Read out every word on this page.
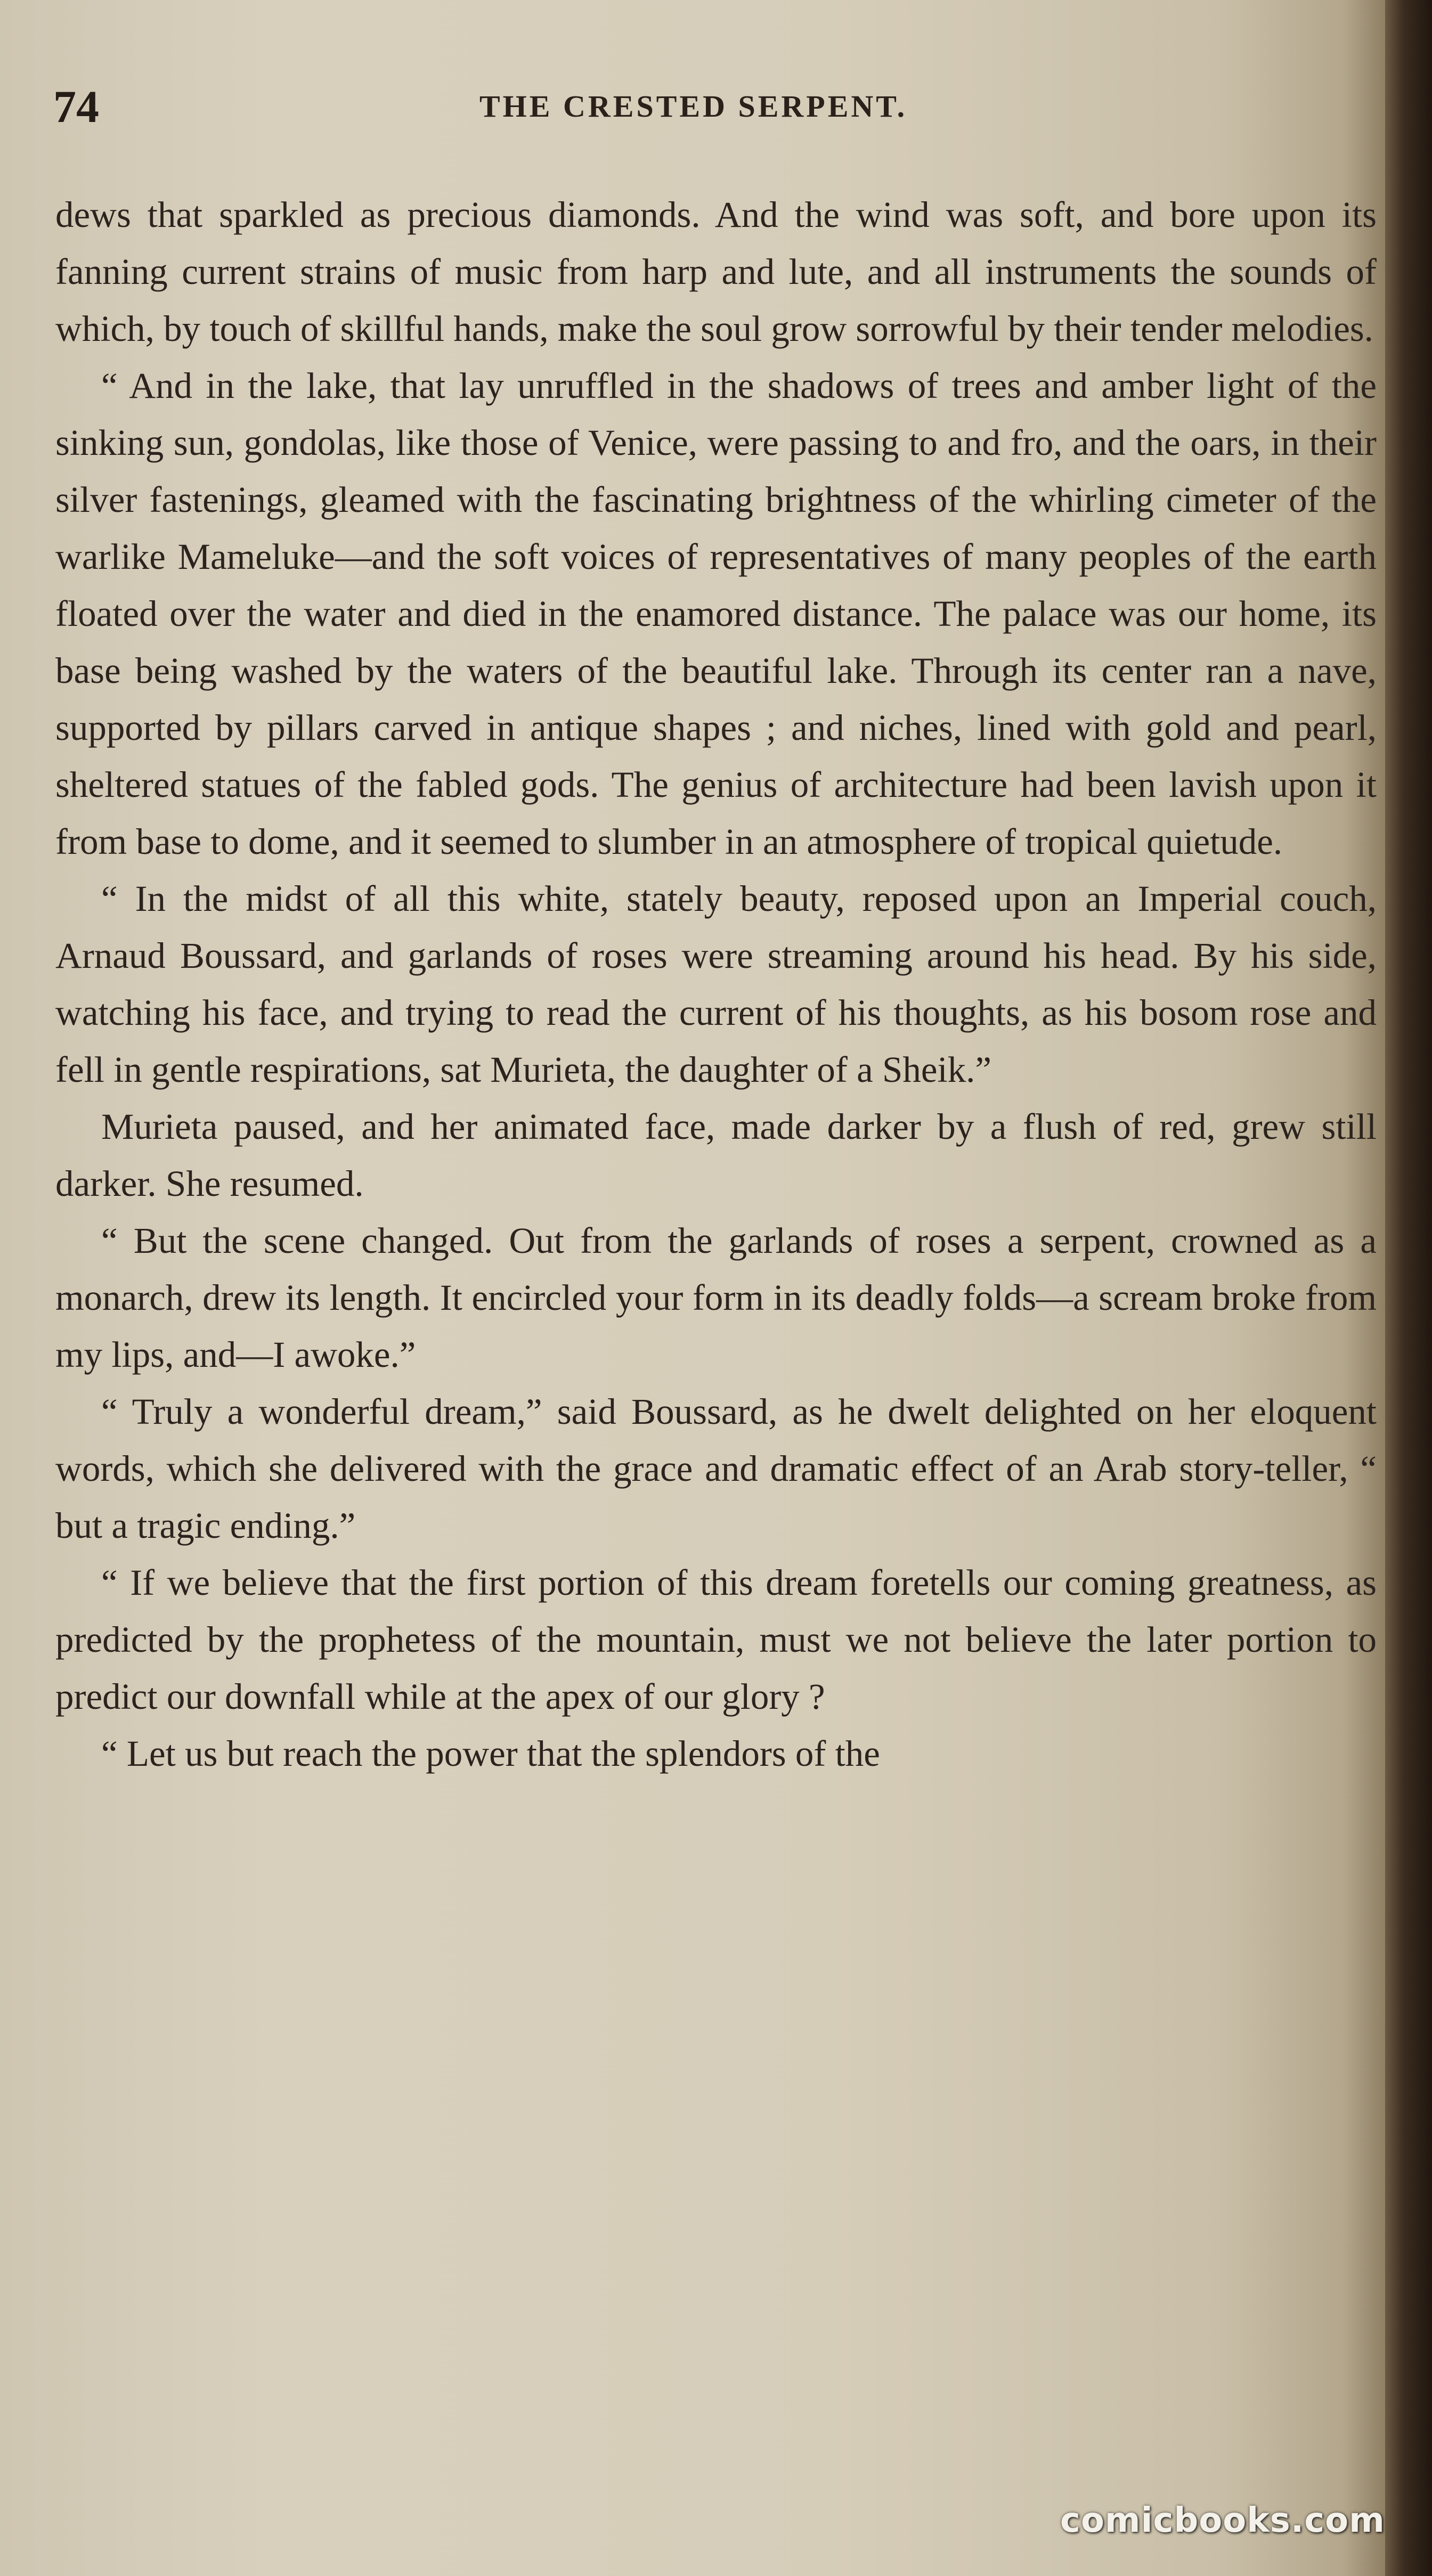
74	THE CRESTED SERPENT.

dews that sparkled as precious diamonds. And the wind was soft, and bore upon its fanning current strains of music from harp and lute, and all instruments the sounds of which, by touch of skillful hands, make the soul grow sorrowful by their tender melodies.

“ And in the lake, that lay unruffled in the shadows of trees and amber light of the sinking sun, gondolas, like those of Venice, were passing to and fro, and the oars, in their silver fastenings, gleamed with the fascinating brightness of the whirling cimeter of the warlike Mameluke—and the soft voices of representatives of many peoples of the earth floated over the water and died in the enamored distance. The palace was our home, its base being washed by the waters of the beautiful lake. Through its center ran a nave, supported by pillars carved in antique shapes ; and niches, lined with gold and pearl, sheltered statues of the fabled gods. The genius of architecture had been lavish upon it from base to dome, and it seemed to slumber in an atmosphere of tropical quietude.

“ In the midst of all this white, stately beauty, reposed upon an Imperial couch, Arnaud Boussard, and garlands of roses were streaming around his head. By his side, watching his face, and trying to read the current of his thoughts, as his bosom rose and fell in gentle respirations, sat Murieta, the daughter of a Sheik.”

Murieta paused, and her animated face, made darker by a flush of red, grew still darker. She resumed.

“ But the scene changed. Out from the garlands of roses a serpent, crowned as a monarch, drew its length. It encircled your form in its deadly folds—a scream broke from my lips, and—I awoke.”

“ Truly a wonderful dream,” said Boussard, as he dwelt delighted on her eloquent words, which she delivered with the grace and dramatic effect of an Arab story-teller, “ but a tragic ending.”

“ If we believe that the first portion of this dream foretells our coming greatness, as predicted by the prophetess of the mountain, must we not believe the later portion to predict our downfall while at the apex of our glory ?

“ Let us but reach the power that the splendors of the

comicbooks.com
